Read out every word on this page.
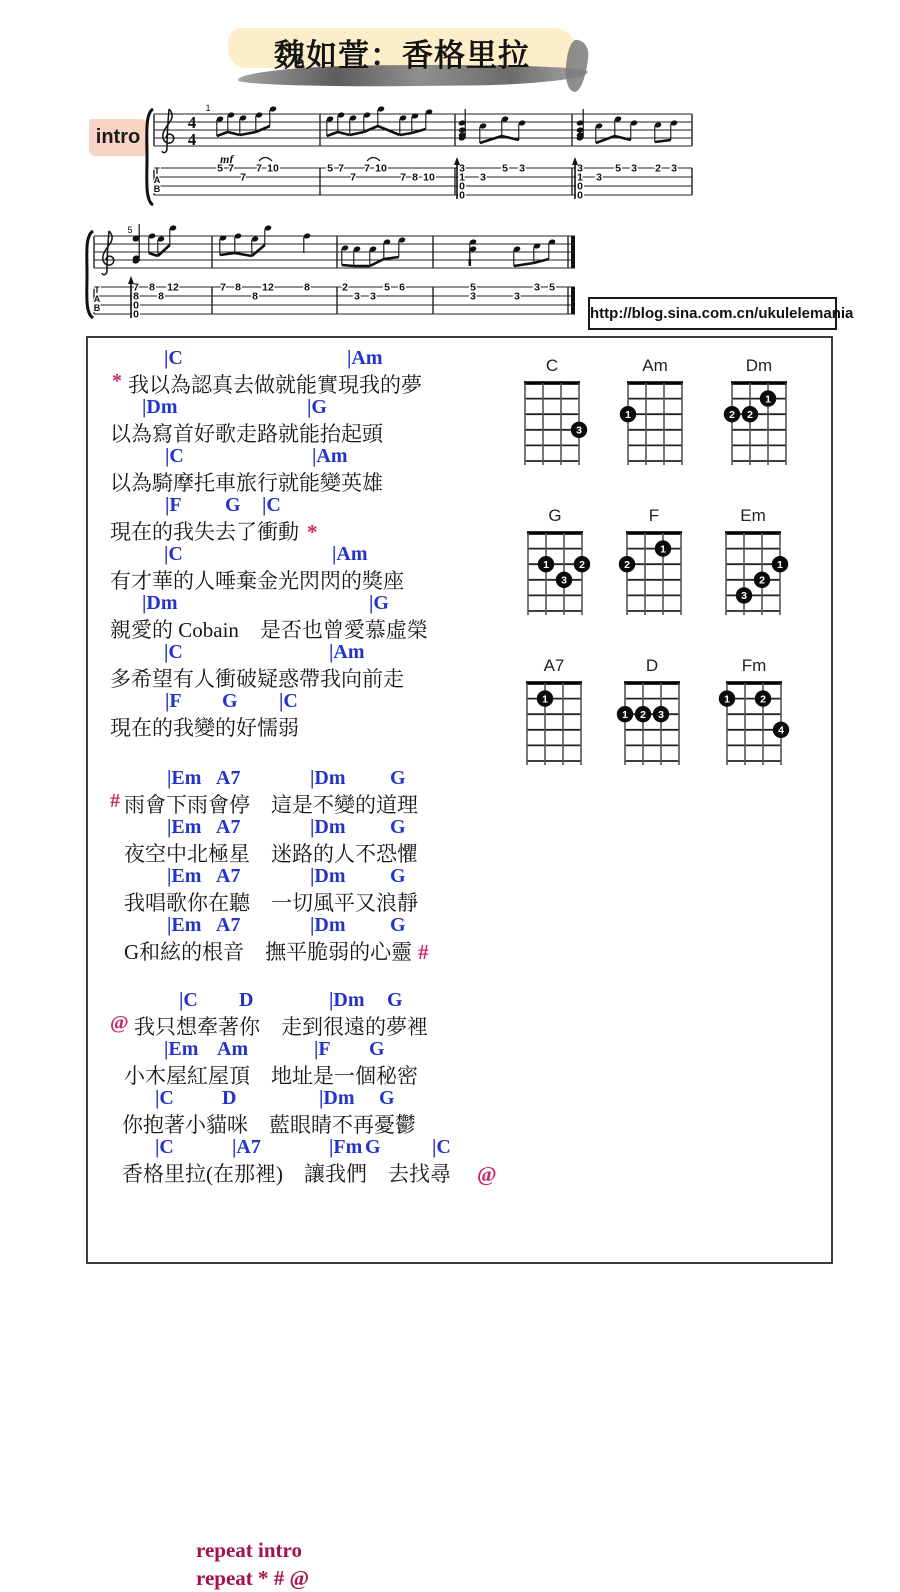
魏如萱：香格里拉
intro
4
4
1
mf
T
A
B
5 7
7
7 10	5 7
7
7 10
7 8 10	3
5 3
3
5 3 2 3
3
1
0
0
3
1
0
0
5
T
A
B
8
8
12	7 8
8
12	8	2
3 3
5 6	5
3	3
3 5
7
8
0
0	http://blog.sina.com.cn/ukulelemania
|C	|Am
* 我以為認真去做就能實現我的夢
|Dm	|G
以為寫首好歌走路就能抬起頭
|C	|Am
以為騎摩托車旅行就能變英雄
|F G |C
現在的我失去了衝動 *
|C	|Am
有才華的人唾棄金光閃閃的獎座
|Dm	|G
親愛的 Cobain　是否也曾愛慕虛榮
|C	|Am
多希望有人衝破疑惑帶我向前走
|F G |C
現在的我變的好懦弱
|Em A7	|Dm G
# 雨會下雨會停　這是不變的道理
|Em A7	|Dm G
夜空中北極星　迷路的人不恐懼
|Em A7	|Dm G
我唱歌你在聽　一切風平又浪靜
|Em A7	|Dm G
G和絃的根音　撫平脆弱的心靈 #
|C D	|Dm G
@ 我只想牽著你　走到很遠的夢裡
|Em Am	|F G
小木屋紅屋頂　地址是一個秘密
|C D	|Dm G
你抱著小貓咪　藍眼睛不再憂鬱
|C	|A7	|Fm G	|C
香格里拉(在那裡)　讓我們　去找尋 @
repeat intro
repeat * # @
C
3
Am
1
Dm
1
2 2
G
1	2
3
F
1
2
Em
1
2
3
A7
1
D
1 2 3
Fm
1	2
4
